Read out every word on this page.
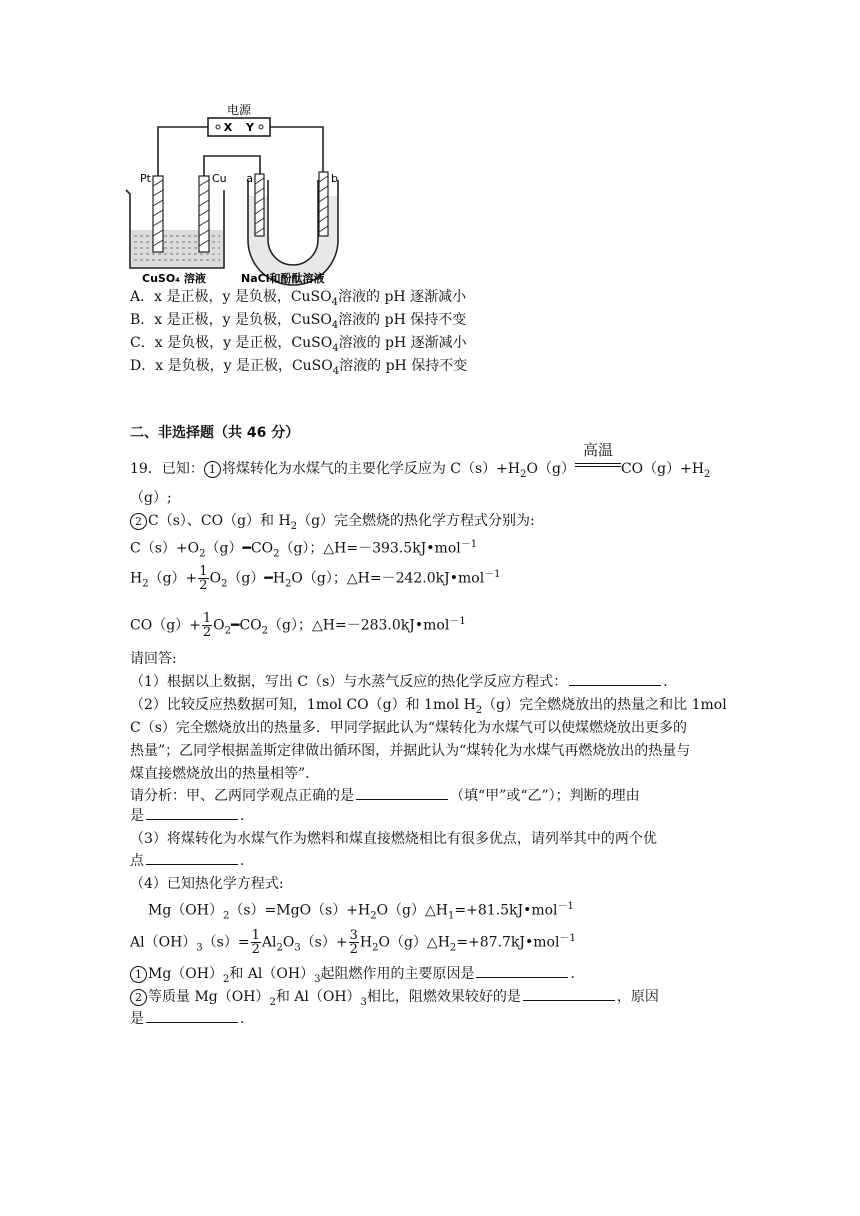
电源
X Y
Pt	Cu a	b
CuSO₄ 溶液	NaCl和酚酞溶液
A．x 是正极，y 是负极，CuSO$_4$溶液的 pH 逐渐减小
B．x 是正极，y 是负极，CuSO$_4$溶液的 pH 保持不变
C．x 是负极，y 是正极，CuSO$_4$溶液的 pH 逐渐减小
D．x 是负极，y 是正极，CuSO$_4$溶液的 pH 保持不变
二、非选择题（共 46 分）
19．已知： 1 将煤转化为水煤气的主要化学反应为 $C(s)+H_2O(g)$
高温
$CO(g)+H_2$
（g）;
2 C（s）、CO（g）和 $H_2(g)$完全燃烧的热化学方程式分别为:
$C(s)+O_2(g)━CO_2(g)$；△H=－393.5kJ•mol$^{-1}$
$H_2(g)+ \frac{1}{2}$ $O_2(g)━H_2O(g)$；△H=－242.0kJ•mol$^{-1}$
$CO(g)+ \frac{1}{2}$ $O_2━CO_2(g)$；△H=－283.0kJ•mol$^{-1}$
请回答:
（1）根据以上数据，写出 C（s）与水蒸气反应的热化学反应方程式：	．
（2）比较反应热数据可知，1mol CO（g）和 1mol $H_2(g)$完全燃烧放出的热量之和比 1mol
C（s）完全燃烧放出的热量多．甲同学据此认为“煤转化为水煤气可以使煤燃烧放出更多的
热量”；乙同学根据盖斯定律做出循环图，并据此认为“煤转化为水煤气再燃烧放出的热量与
煤直接燃烧放出的热量相等”．
请分析：甲、乙两同学观点正确的是	（填“甲”或“乙”）；判断的理由
是	．
（3）将煤转化为水煤气作为燃料和煤直接燃烧相比有很多优点，请列举其中的两个优
点	．
（4）已知热化学方程式:
$Mg(OH)_2(s)=MgO(s)+H_2O(g)\triangle H_1=+81.5kJ•mol^{-1}$
$Al(OH)_3(s)= \frac{1}{2} Al_2O_3(s)+ \frac{3}{2}$ $H_2O(g)\triangle H_2=+87.7kJ•mol^{-1}$
1 $Mg(OH)_2$和 $Al(OH)_3$起阻燃作用的主要原因是	．
2 等质量 $Mg(OH)_2$和 $Al(OH)_3$相比，阻燃效果较好的是	，原因
是	．
